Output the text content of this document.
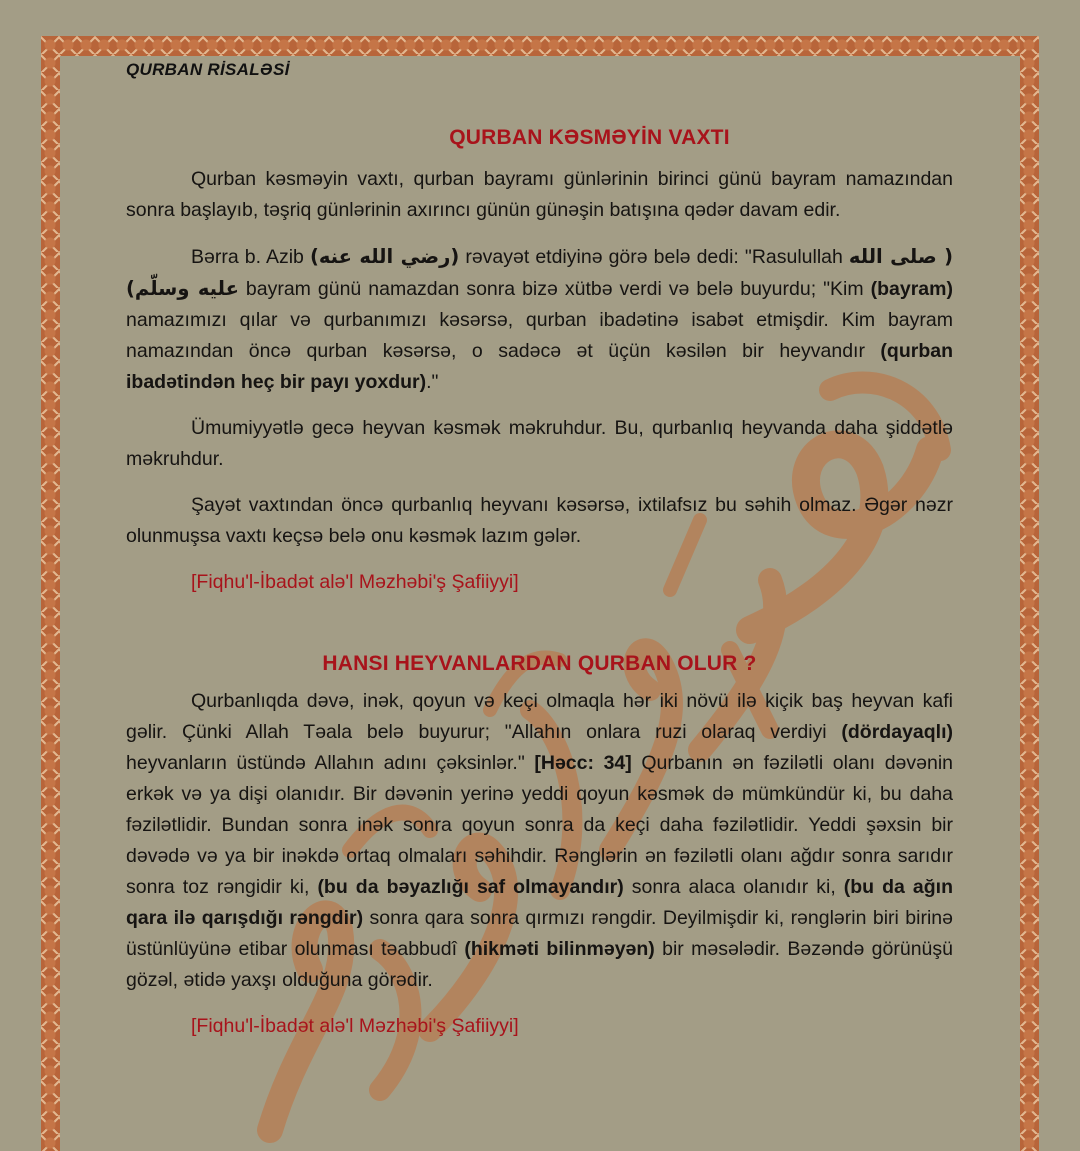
QURBAN RİSALƏSİ
QURBAN KƏSMƏYİN VAXTI

Qurban kəsməyin vaxtı, qurban bayramı günlərinin birinci günü bayram namazından sonra başlayıb, təşriq günlərinin axırıncı günün günəşin batışına qədər davam edir.

Bərra b. Azib (رضي الله عنه) rəvayət etdiyinə görə belə dedi: "Rasulullah ( صلى الله عليه وسلّم) bayram günü namazdan sonra bizə xütbə verdi və belə buyurdu; "Kim (bayram) namazımızı qılar və qurbanımızı kəsərsə, qurban ibadətinə isabət etmişdir. Kim bayram namazından öncə qurban kəsərsə, o sadəcə ət üçün kəsilən bir heyvandır (qurban ibadətindən heç bir payı yoxdur)."

Ümumiyyətlə gecə heyvan kəsmək məkruhdur. Bu, qurbanlıq heyvanda daha şiddətlə məkruhdur.

Şayət vaxtından öncə qurbanlıq heyvanı kəsərsə, ixtilafsız bu səhih olmaz. Əgər nəzr olunmuşsa vaxtı keçsə belə onu kəsmək lazım gələr.

[Fiqhu'l-İbadət alə'l Məzhəbi'ş Şafiiyyi]
HANSI HEYVANLARDAN QURBAN OLUR ?

Qurbanlıqda dəvə, inək, qoyun və keçi olmaqla hər iki növü ilə kiçik baş heyvan kafi gəlir. Çünki Allah Təala belə buyurur; "Allahın onlara ruzi olaraq verdiyi (dördayaqlı) heyvanların üstündə Allahın adını çəksinlər." [Həcc: 34] Qurbanın ən fəzilətli olanı dəvənin erkək və ya dişi olanıdır. Bir dəvənin yerinə yeddi qoyun kəsmək də mümkündür ki, bu daha fəzilətlidir. Bundan sonra inək sonra qoyun sonra da keçi daha fəzilətlidir. Yeddi şəxsin bir dəvədə və ya bir inəkdə ortaq olmaları səhihdir. Rənglərin ən fəzilətli olanı ağdır sonra sarıdır sonra toz rəngidir ki, (bu da bəyazlığı saf olmayandır) sonra alaca olanıdır ki, (bu da ağın qara ilə qarışdığı rəngdir) sonra qara sonra qırmızı rəngdir. Deyilmişdir ki, rənglərin biri birinə üstünlüyünə etibar olunması təabbudî (hikməti bilinməyən) bir məsələdir. Bəzəndə görünüşü gözəl, ətidə yaxşı olduğuna görədir.

[Fiqhu'l-İbadət alə'l Məzhəbi'ş Şafiiyyi]
